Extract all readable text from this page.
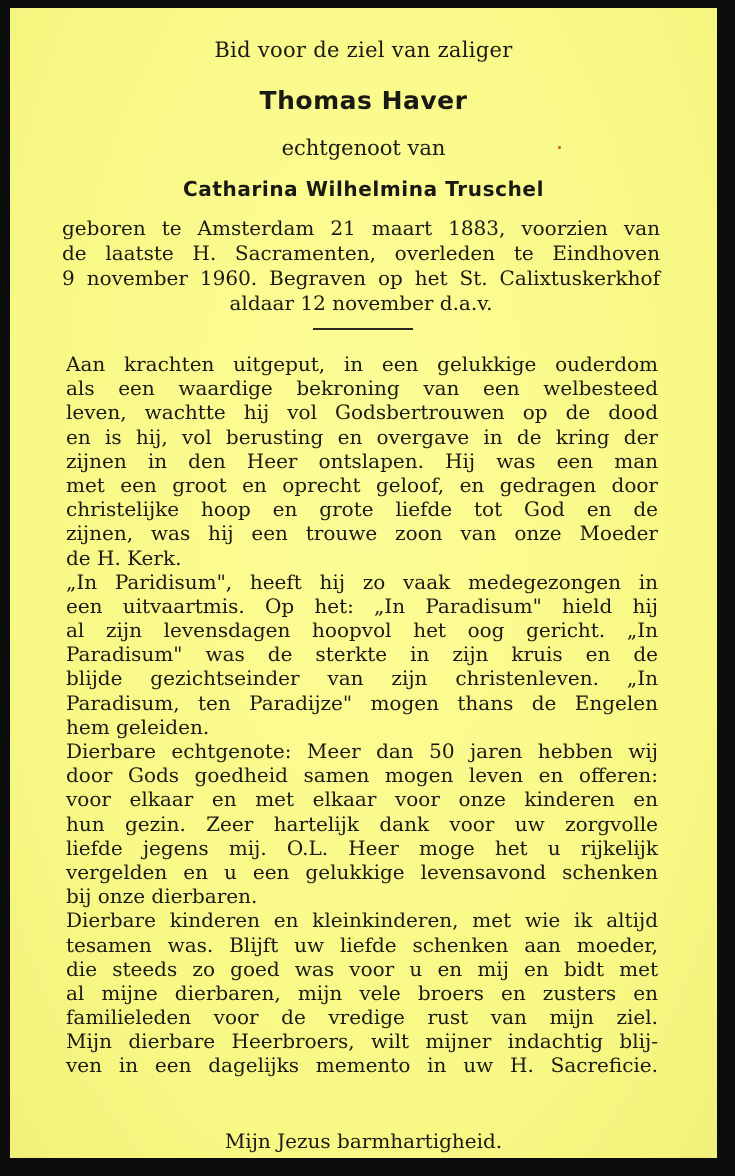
Bid voor de ziel van zaliger
Thomas Haver
echtgenoot van
Catharina Wilhelmina Truschel
geboren te Amsterdam 21 maart 1883, voorzien van
de laatste H. Sacramenten, overleden te Eindhoven
9 november 1960. Begraven op het St. Calixtuskerkhof
aldaar 12 november d.a.v.
Aan krachten uitgeput, in een gelukkige ouderdom
als een waardige bekroning van een welbesteed
leven, wachtte hij vol Godsbertrouwen op de dood
en is hij, vol berusting en overgave in de kring der
zijnen in den Heer ontslapen. Hij was een man
met een groot en oprecht geloof, en gedragen door
christelijke hoop en grote liefde tot God en de
zijnen, was hij een trouwe zoon van onze Moeder
de H. Kerk.
„In Paridisum", heeft hij zo vaak medegezongen in
een uitvaartmis. Op het: „In Paradisum" hield hij
al zijn levensdagen hoopvol het oog gericht. „In
Paradisum" was de sterkte in zijn kruis en de
blijde gezichtseinder van zijn christenleven. „In
Paradisum, ten Paradijze" mogen thans de Engelen
hem geleiden.
Dierbare echtgenote: Meer dan 50 jaren hebben wij
door Gods goedheid samen mogen leven en offeren:
voor elkaar en met elkaar voor onze kinderen en
hun gezin. Zeer hartelijk dank voor uw zorgvolle
liefde jegens mij. O.L. Heer moge het u rijkelijk
vergelden en u een gelukkige levensavond schenken
bij onze dierbaren.
Dierbare kinderen en kleinkinderen, met wie ik altijd
tesamen was. Blijft uw liefde schenken aan moeder,
die steeds zo goed was voor u en mij en bidt met
al mijne dierbaren, mijn vele broers en zusters en
familieleden voor de vredige rust van mijn ziel.
Mijn dierbare Heerbroers, wilt mijner indachtig blij-
ven in een dagelijks memento in uw H. Sacreficie.
Mijn Jezus barmhartigheid.
